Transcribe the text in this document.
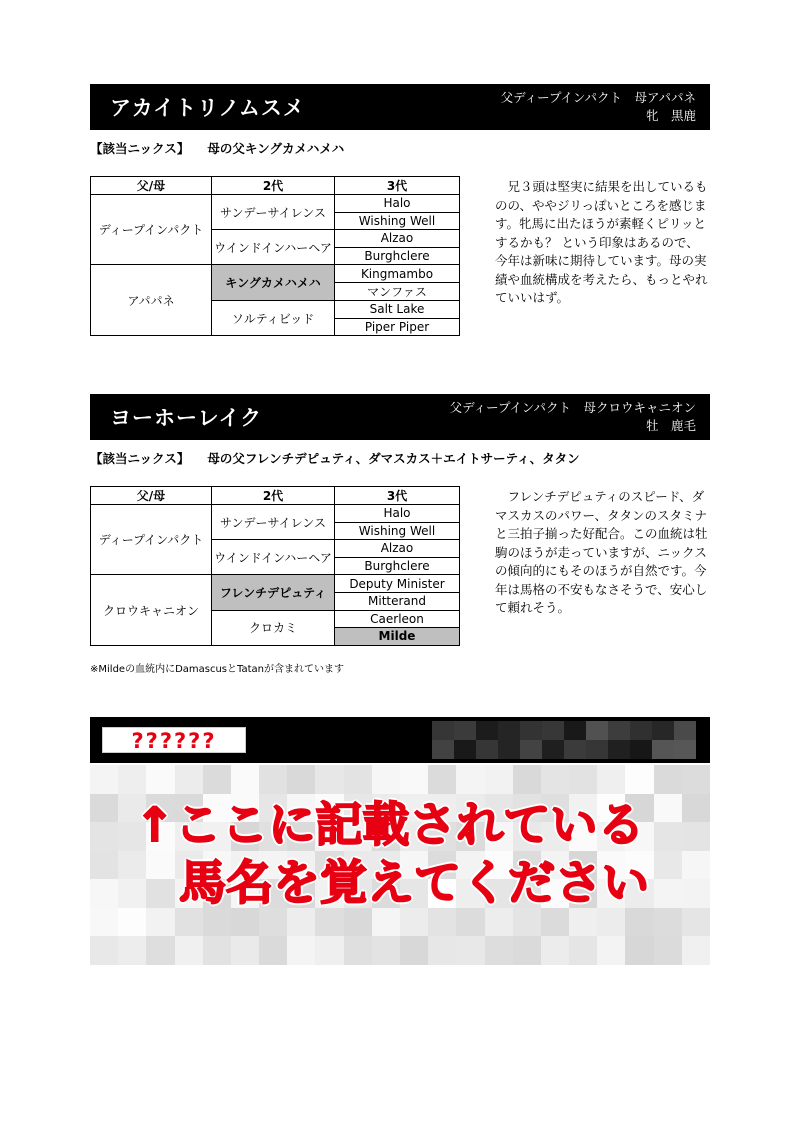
アカイトリノムスメ	父ディープインパクト　母アパパネ
牝　黒鹿
【該当ニックス】 母の父キングカメハメハ
父/母	2代	3代
ディープインパクト	サンデーサイレンス	Halo
		Wishing Well
	ウインドインハーヘア	Alzao
		Burghclere
アパパネ	キングカメハメハ	Kingmambo
		マンファス
	ソルティビッド	Salt Lake
		Piper Piper

　兄３頭は堅実に結果を出しているものの、ややジリっぽいところを感じます。牝馬に出たほうが素軽くピリッとするかも？ という印象はあるので、今年は新味に期待しています。母の実績や血統構成を考えたら、もっとやれていいはず。

ヨーホーレイク	父ディープインパクト　母クロウキャニオン
牡　鹿毛
【該当ニックス】 母の父フレンチデピュティ、ダマスカス＋エイトサーティ、タタン
父/母	2代	3代
ディープインパクト	サンデーサイレンス	Halo
		Wishing Well
	ウインドインハーヘア	Alzao
		Burghclere
クロウキャニオン	フレンチデピュティ	Deputy Minister
		Mitterand
	クロカミ	Caerleon
		Milde

　フレンチデピュティのスピード、ダマスカスのパワー、タタンのスタミナと三拍子揃った好配合。この血統は牡駒のほうが走っていますが、ニックスの傾向的にもそのほうが自然です。今年は馬格の不安もなさそうで、安心して頼れそう。

※Mildeの血統内にDamascusとTatanが含まれています
??????
↑ここに記載されている
馬名を覚えてください
